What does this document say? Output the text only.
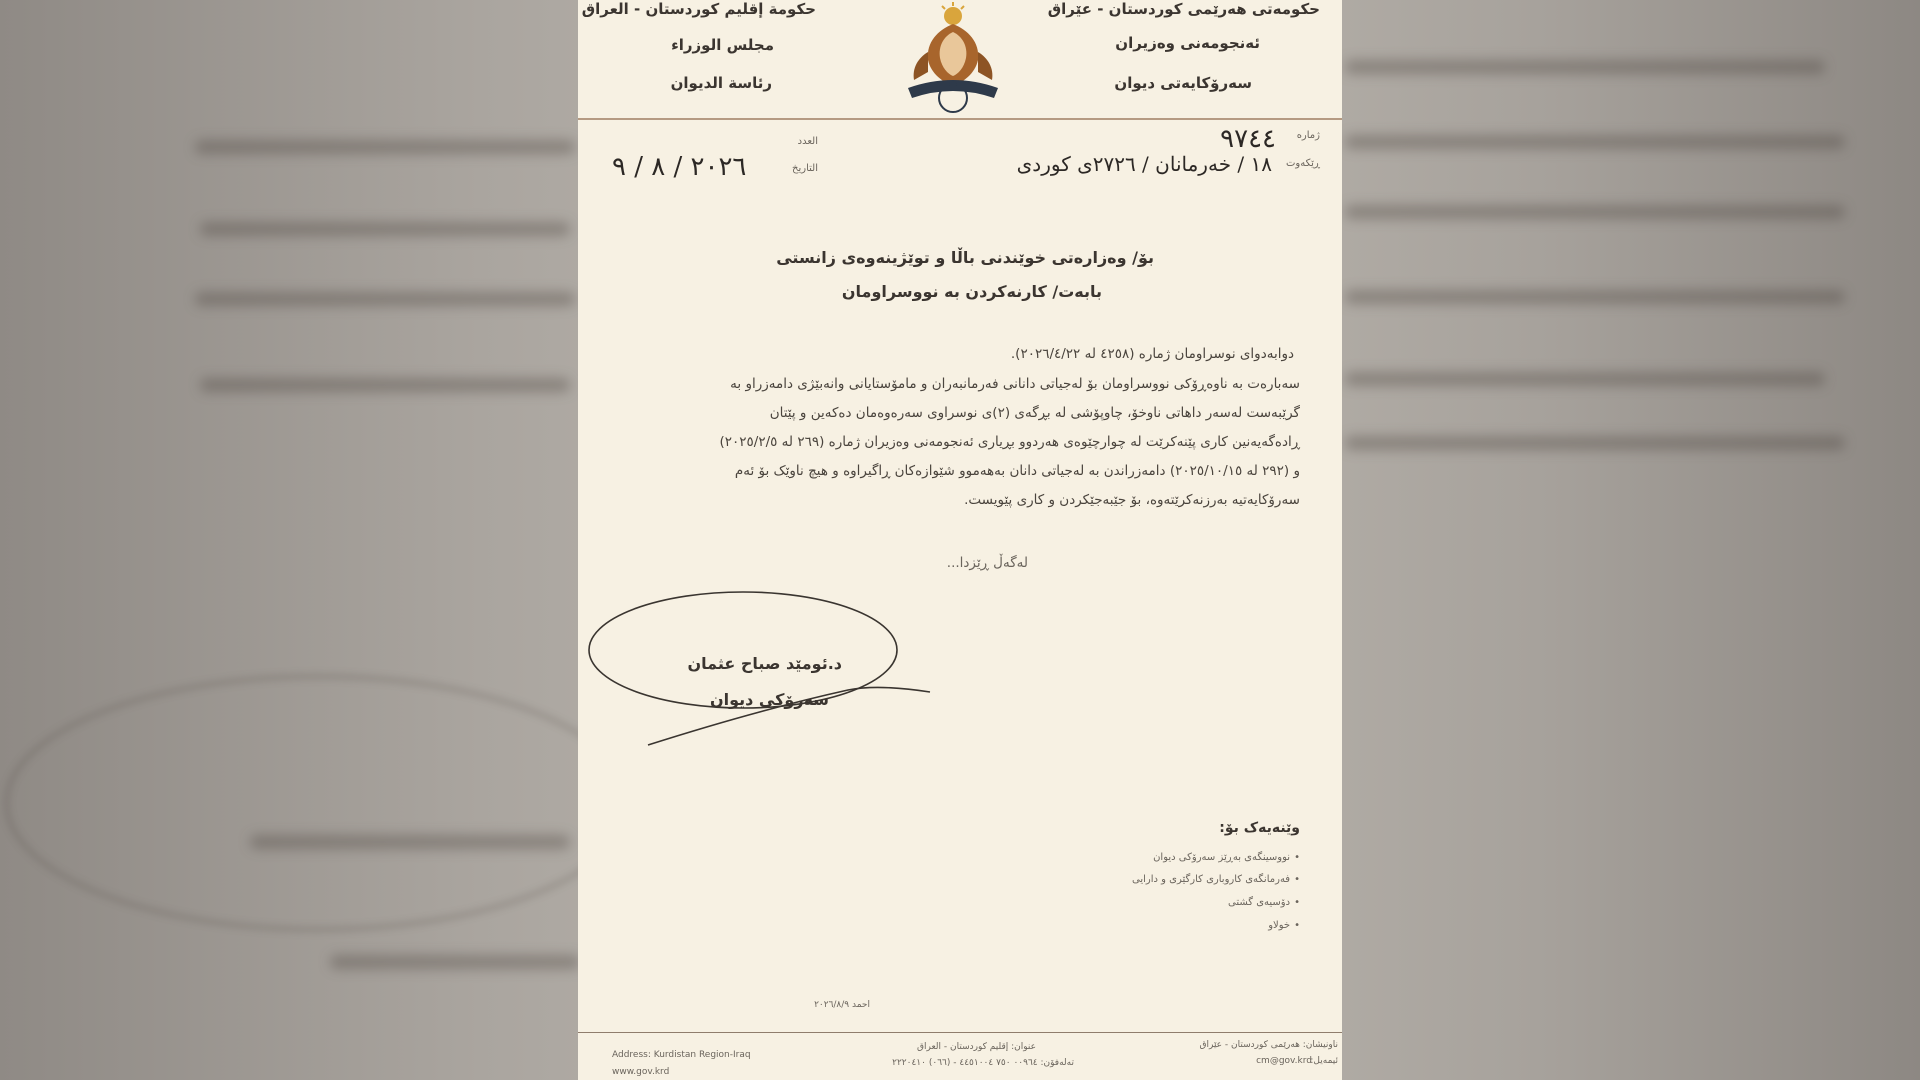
حكومة إقليم كوردستان - العراق
مجلس الوزراء
رئاسة الديوان
حکومەتی هەرێمی کوردستان - عێراق
ئەنجومەنی وەزیران
سەرۆکایەتی دیوان
ژمارە
٩٧٤٤
العدد
ڕێکەوت
١٨ / خەرمانان / ٢٧٢٦ی کوردی
التاريخ
٢٠٢٦ / ٨ / ٩
بۆ/ وەزارەتی خوێندنی باڵا و توێژینەوەی زانستی
بابەت/ کارنەکردن بە نووسراومان
دوابەدوای نوسراومان ژمارە (٤٢٥٨ لە ٢٠٢٦/٤/٢٢).
سەبارەت بە ناوەڕۆکی نووسراومان بۆ لەجیاتی دانانی فەرمانبەران و مامۆستایانی وانەبێژی دامەزراو بە
گرێبەست لەسەر داهاتی ناوخۆ، چاوپۆشی لە بڕگەی (٢)ی نوسراوی سەرەوەمان دەکەین و پێتان
ڕادەگەیەنین کاری پێنەکرێت لە چوارچێوەی هەردوو بڕیاری ئەنجومەنی وەزیران ژمارە (٢٦٩ لە ٢٠٢٥/٢/٥)
و (٢٩٢ لە ٢٠٢٥/١٠/١٥) دامەزراندن بە لەجیاتی دانان بەهەموو شێوازەکان ڕاگیراوە و هیچ ناوێک بۆ ئەم
سەرۆکایەتیە بەرزنەکرێتەوە، بۆ جێبەجێکردن و کاری پێویست.
لەگەڵ ڕێزدا...
د.ئومێد صباح عثمان
سەرۆکی دیوان
وێنەیەک بۆ:
• نووسینگەی بەڕێز سەرۆکی دیوان
• فەرمانگەی کاروباری کارگێری و دارایی
• دۆسیەی گشتی
• خولاو
احمد ٢٠٢٦/٨/٩
Address: Kurdistan Region-Iraq
www.gov.krd
عنوان: إقليم كوردستان - العراق
تەلەفۆن: ٠٠٩٦٤ ٧٥٠ ٤٤٥١٠٠٤ - (٠٦٦) ٢٢٢٠٤١٠
ناونیشان: هەرێمی کوردستان - عێراق
ئیمەیل:
cm@gov.krd
